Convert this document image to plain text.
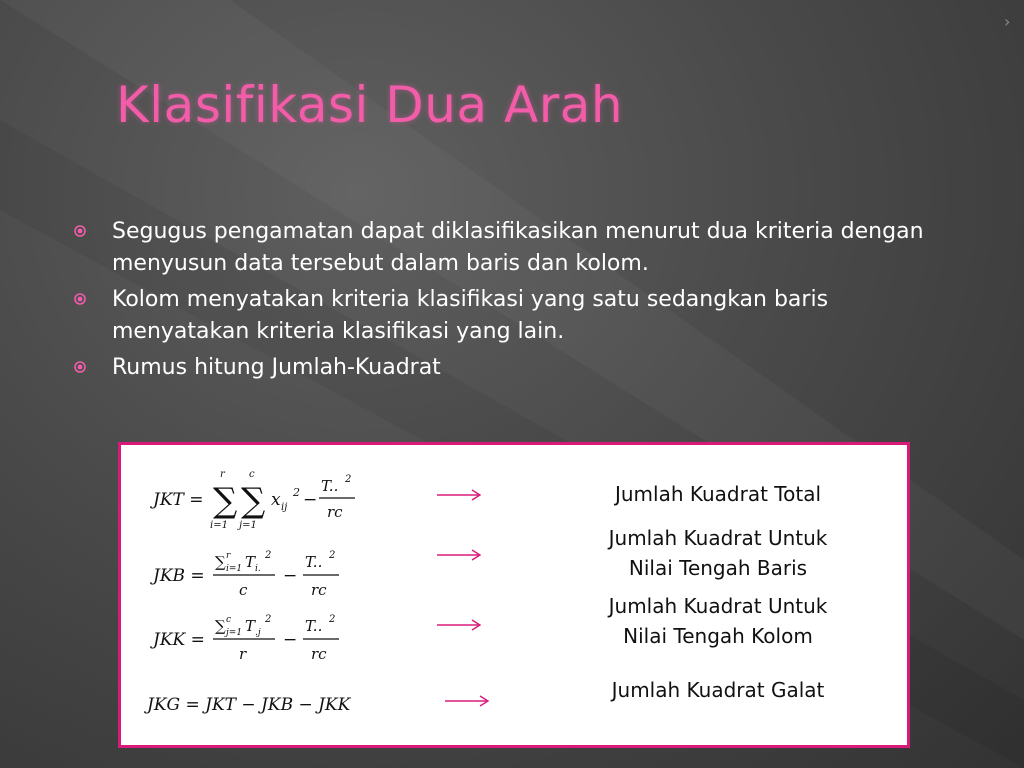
›
Klasifikasi Dua Arah
Segugus pengamatan dapat diklasifikasikan menurut dua kriteria dengan menyusun data tersebut dalam baris dan kolom.
Kolom menyatakan kriteria klasifikasi yang satu sedangkan baris menyatakan kriteria klasifikasi yang lain.
Rumus hitung Jumlah-Kuadrat
JKT = ∑
r
i=1
∑
c
j=1
x ij
2 −
T.. 2
rc
JKB =
∑ r
i=1 T i.
2
c
−
T.. 2
rc
JKK =
∑ c
j=1 T .j
2
r
−
T.. 2
rc
JKG = JKT − JKB − JKK
Jumlah Kuadrat Total
Jumlah Kuadrat Untuk
Nilai Tengah Baris
Jumlah Kuadrat Untuk
Nilai Tengah Kolom
Jumlah Kuadrat Galat
